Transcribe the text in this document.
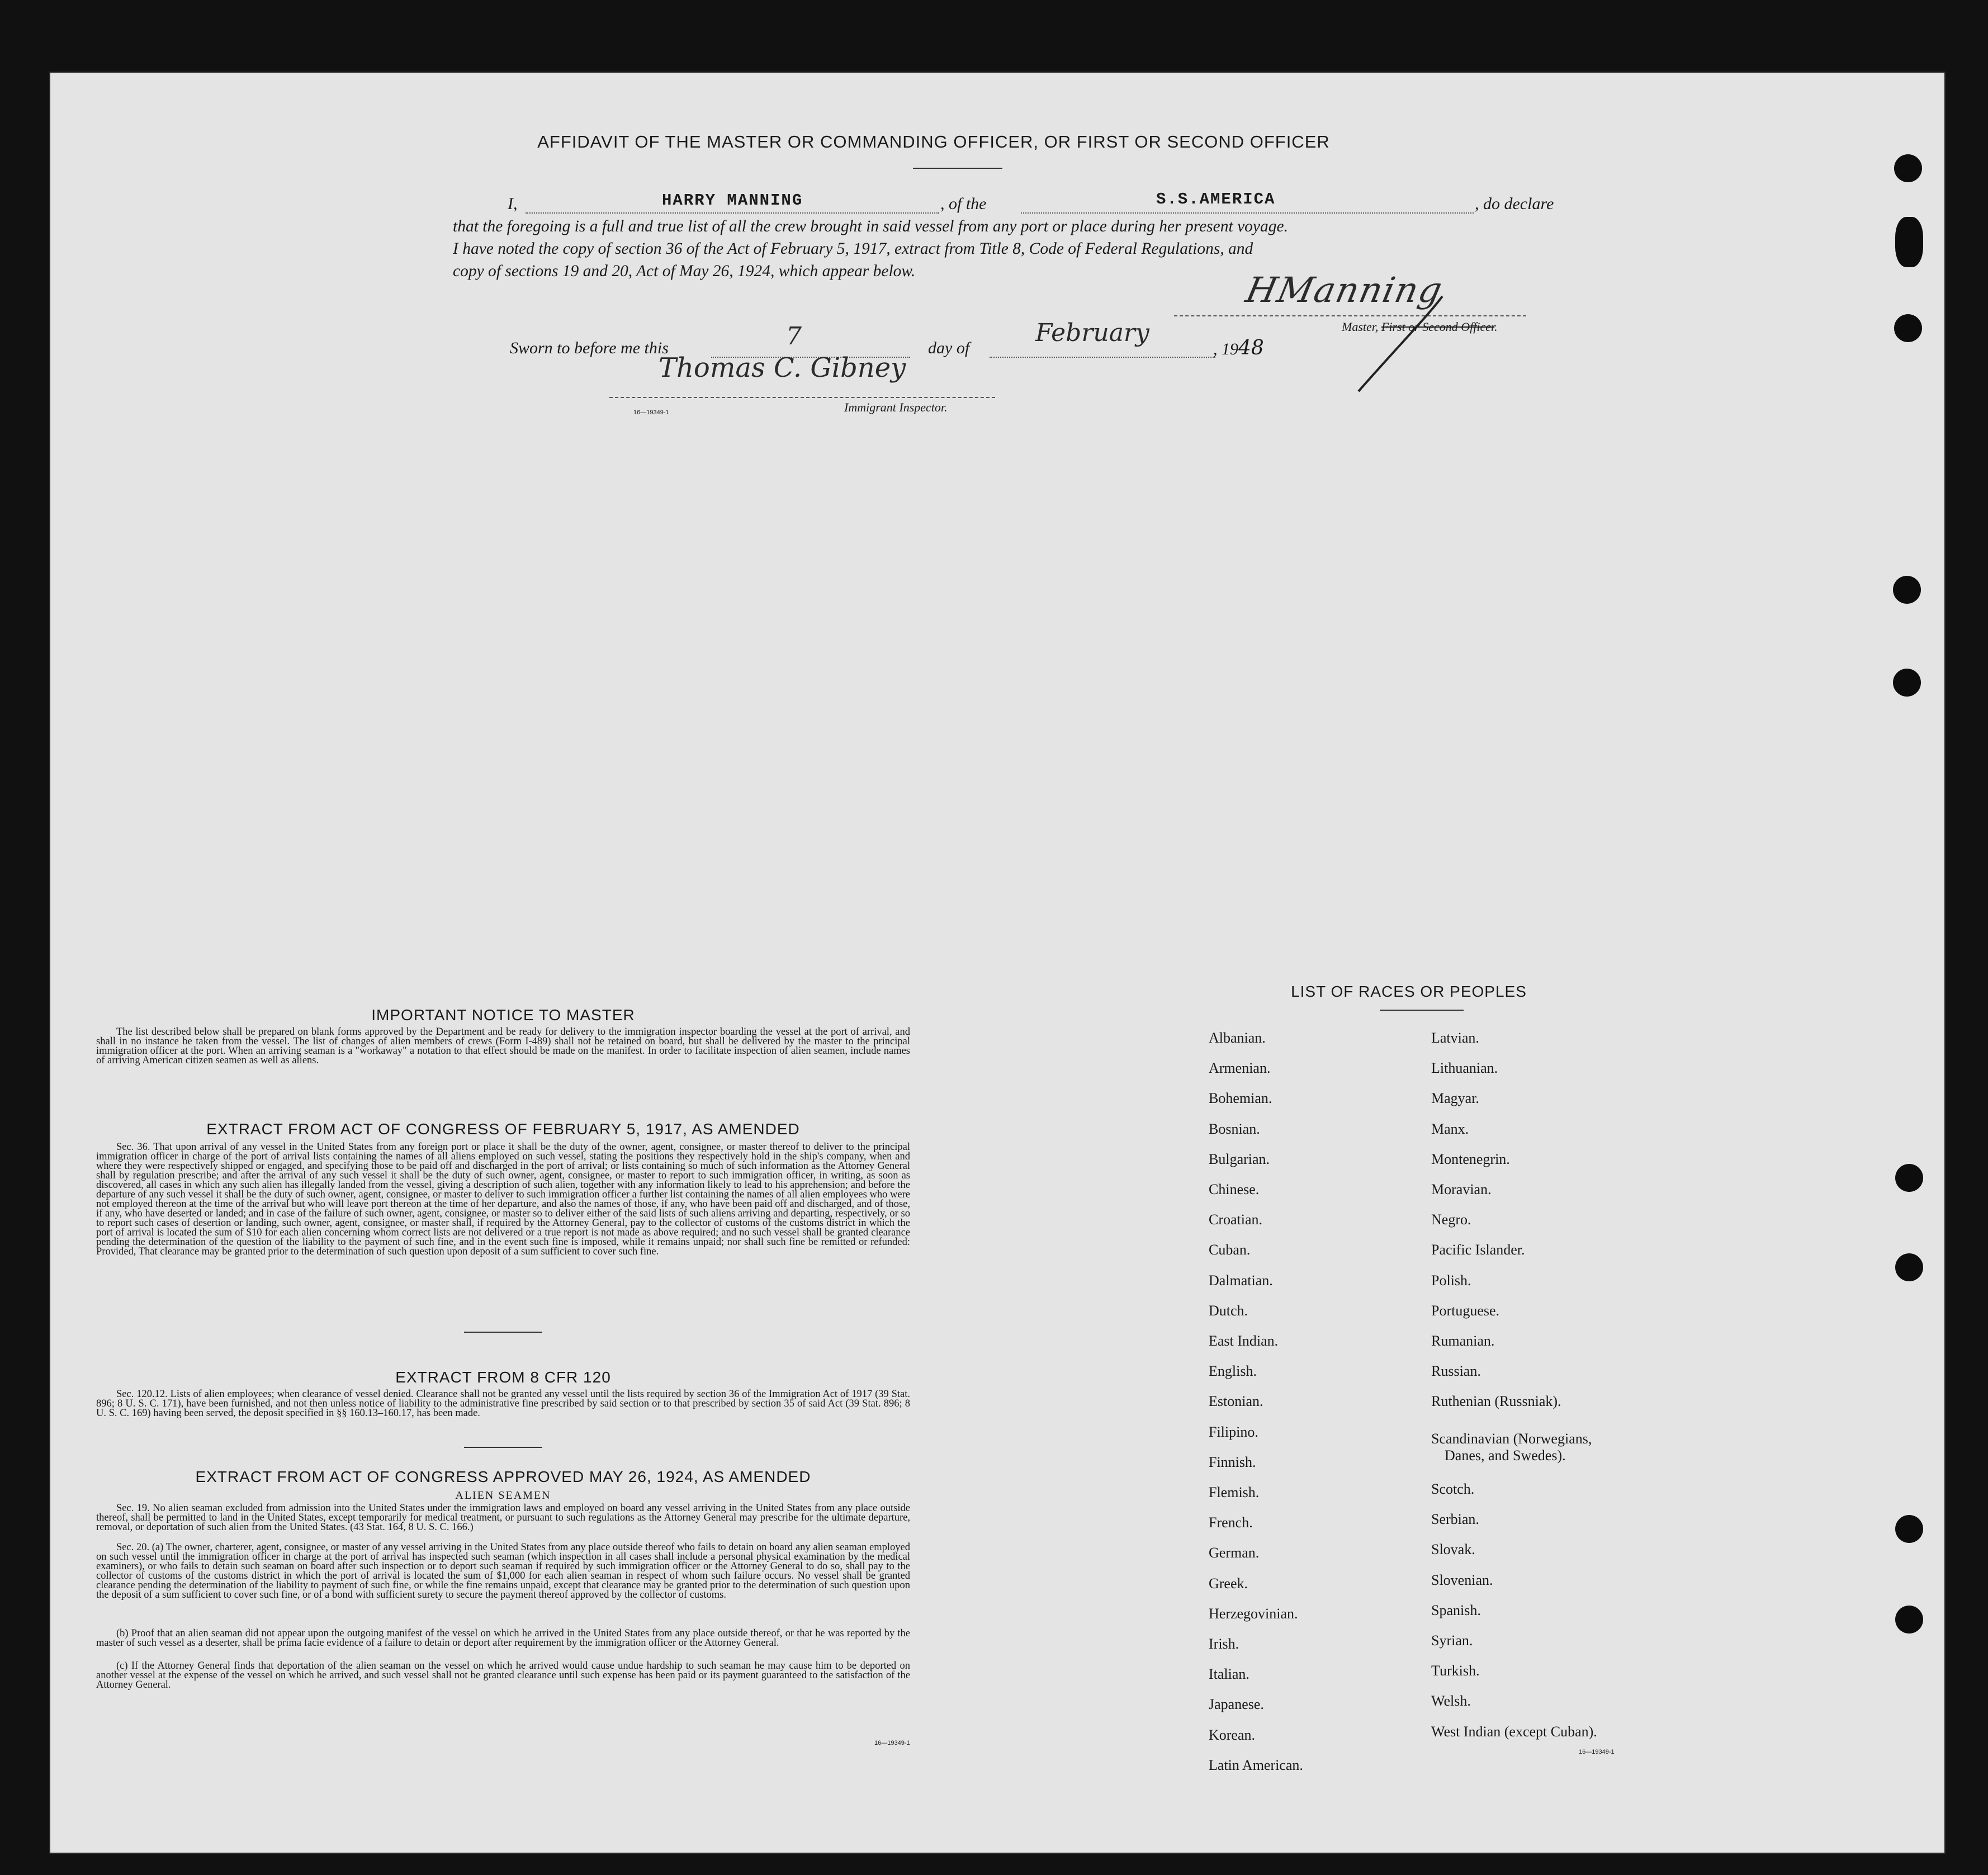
AFFIDAVIT OF THE MASTER OR COMMANDING OFFICER, OR FIRST OR SECOND OFFICER
I,	HARRY MANNING	, of the	S.S.AMERICA	, do declare
that the foregoing is a full and true list of all the crew brought in said vessel from any port or place during her present voyage.
I have noted the copy of section 36 of the Act of February 5, 1917, extract from Title 8, Code of Federal Regulations, and
copy of sections 19 and 20, Act of May 26, 1924, which appear below.	HManning
Master, First or Second Officer.
Sworn to before me this	7	day of
February
, 1948
Thomas C. Gibney
16—19349-1	Immigrant Inspector.
IMPORTANT NOTICE TO MASTER
The list described below shall be prepared on blank forms approved by the Department and be ready for delivery to the immigration inspector boarding the vessel at the port of arrival, and shall in no instance be taken from the vessel. The list of changes of alien members of crews (Form I-489) shall not be retained on board, but shall be delivered by the master to the principal immigration officer at the port. When an arriving seaman is a "workaway" a notation to that effect should be made on the manifest. In order to facilitate inspection of alien seamen, include names of arriving American citizen seamen as well as aliens.
EXTRACT FROM ACT OF CONGRESS OF FEBRUARY 5, 1917, AS AMENDED
Sec. 36. That upon arrival of any vessel in the United States from any foreign port or place it shall be the duty of the owner, agent, consignee, or master thereof to deliver to the principal immigration officer in charge of the port of arrival lists containing the names of all aliens employed on such vessel, stating the positions they respectively hold in the ship's company, when and where they were respectively shipped or engaged, and specifying those to be paid off and discharged in the port of arrival; or lists containing so much of such information as the Attorney General shall by regulation prescribe; and after the arrival of any such vessel it shall be the duty of such owner, agent, consignee, or master to report to such immigration officer, in writing, as soon as discovered, all cases in which any such alien has illegally landed from the vessel, giving a description of such alien, together with any information likely to lead to his apprehension; and before the departure of any such vessel it shall be the duty of such owner, agent, consignee, or master to deliver to such immigration officer a further list containing the names of all alien employees who were not employed thereon at the time of the arrival but who will leave port thereon at the time of her departure, and also the names of those, if any, who have been paid off and discharged, and of those, if any, who have deserted or landed; and in case of the failure of such owner, agent, consignee, or master so to deliver either of the said lists of such aliens arriving and departing, respectively, or so to report such cases of desertion or landing, such owner, agent, consignee, or master shall, if required by the Attorney General, pay to the collector of customs of the customs district in which the port of arrival is located the sum of $10 for each alien concerning whom correct lists are not delivered or a true report is not made as above required; and no such vessel shall be granted clearance pending the determination of the question of the liability to the payment of such fine, and in the event such fine is imposed, while it remains unpaid; nor shall such fine be remitted or refunded: Provided, That clearance may be granted prior to the determination of such question upon deposit of a sum sufficient to cover such fine.
EXTRACT FROM 8 CFR 120
Sec. 120.12. Lists of alien employees; when clearance of vessel denied. Clearance shall not be granted any vessel until the lists required by section 36 of the Immigration Act of 1917 (39 Stat. 896; 8 U. S. C. 171), have been furnished, and not then unless notice of liability to the administrative fine prescribed by said section or to that prescribed by section 35 of said Act (39 Stat. 896; 8 U. S. C. 169) having been served, the deposit specified in §§ 160.13–160.17, has been made.
EXTRACT FROM ACT OF CONGRESS APPROVED MAY 26, 1924, AS AMENDED
ALIEN SEAMEN
Sec. 19. No alien seaman excluded from admission into the United States under the immigration laws and employed on board any vessel arriving in the United States from any place outside thereof, shall be permitted to land in the United States, except temporarily for medical treatment, or pursuant to such regulations as the Attorney General may prescribe for the ultimate departure, removal, or deportation of such alien from the United States. (43 Stat. 164, 8 U. S. C. 166.)
Sec. 20. (a) The owner, charterer, agent, consignee, or master of any vessel arriving in the United States from any place outside thereof who fails to detain on board any alien seaman employed on such vessel until the immigration officer in charge at the port of arrival has inspected such seaman (which inspection in all cases shall include a personal physical examination by the medical examiners), or who fails to detain such seaman on board after such inspection or to deport such seaman if required by such immigration officer or the Attorney General to do so, shall pay to the collector of customs of the customs district in which the port of arrival is located the sum of $1,000 for each alien seaman in respect of whom such failure occurs. No vessel shall be granted clearance pending the determination of the liability to payment of such fine, or while the fine remains unpaid, except that clearance may be granted prior to the determination of such question upon the deposit of a sum sufficient to cover such fine, or of a bond with sufficient surety to secure the payment thereof approved by the collector of customs.
(b) Proof that an alien seaman did not appear upon the outgoing manifest of the vessel on which he arrived in the United States from any place outside thereof, or that he was reported by the master of such vessel as a deserter, shall be prima facie evidence of a failure to detain or deport after requirement by the immigration officer or the Attorney General.
(c) If the Attorney General finds that deportation of the alien seaman on the vessel on which he arrived would cause undue hardship to such seaman he may cause him to be deported on another vessel at the expense of the vessel on which he arrived, and such vessel shall not be granted clearance until such expense has been paid or its payment guaranteed to the satisfaction of the Attorney General.
16—19349-1
LIST OF RACES OR PEOPLES
16—19349-1
Albanian.
Armenian.
Bohemian.
Bosnian.
Bulgarian.
Chinese.
Croatian.
Cuban.
Dalmatian.
Dutch.
East Indian.
English.
Estonian.
Filipino.
Finnish.
Flemish.
French.
German.
Greek.
Herzegovinian.
Irish.
Italian.
Japanese.
Korean.
Latin American.
Latvian.
Lithuanian.
Magyar.
Manx.
Montenegrin.
Moravian.
Negro.
Pacific Islander.
Polish.
Portuguese.
Rumanian.
Russian.
Ruthenian (Russniak).
Scandinavian (Norwegians,
Danes, and Swedes).
Scotch.
Serbian.
Slovak.
Slovenian.
Spanish.
Syrian.
Turkish.
Welsh.
West Indian (except Cuban).
